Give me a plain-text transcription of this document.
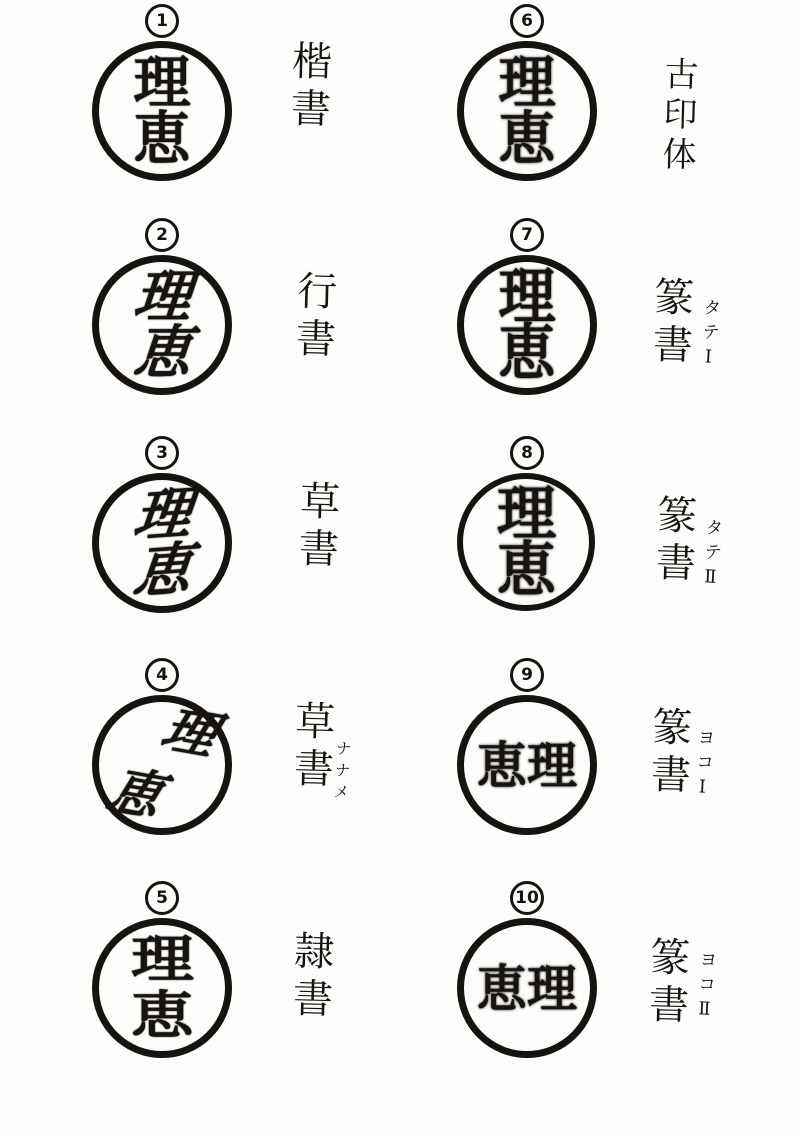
1
理
恵
楷書
2
理
恵 行書
3
理
恵 草書
4
理
恵	草書
ナナメ
5
理
恵 隷書
6
理
恵	古印体
7
理
恵 篆書 タテⅠ
8
理
恵 篆書 タテⅡ
9
恵 理 篆書
ヨコⅠ
10
恵 理 篆書 ヨコⅡ
